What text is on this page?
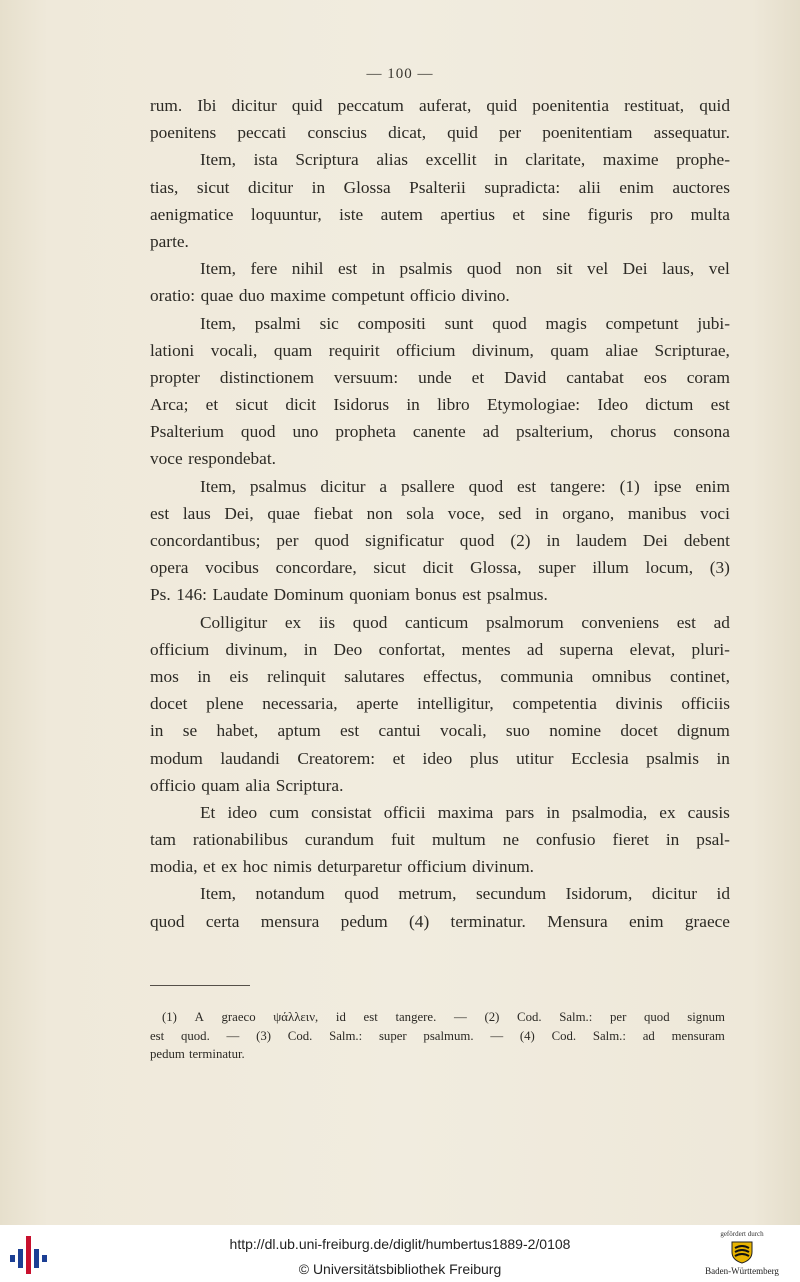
— 100 —
rum. Ibi dicitur quid peccatum auferat, quid poenitentia restituat, quid
poenitens peccati conscius dicat, quid per poenitentiam assequatur.
Item, ista Scriptura alias excellit in claritate, maxime prophe-
tias, sicut dicitur in Glossa Psalterii supradicta: alii enim auctores
aenigmatice loquuntur, iste autem apertius et sine figuris pro multa
parte.
Item, fere nihil est in psalmis quod non sit vel Dei laus, vel
oratio: quae duo maxime competunt officio divino.
Item, psalmi sic compositi sunt quod magis competunt jubi-
lationi vocali, quam requirit officium divinum, quam aliae Scripturae,
propter distinctionem versuum: unde et David cantabat eos coram
Arca; et sicut dicit Isidorus in libro Etymologiae: Ideo dictum est
Psalterium quod uno propheta canente ad psalterium, chorus consona
voce respondebat.
Item, psalmus dicitur a psallere quod est tangere: (1) ipse enim
est laus Dei, quae fiebat non sola voce, sed in organo, manibus voci
concordantibus; per quod significatur quod (2) in laudem Dei debent
opera vocibus concordare, sicut dicit Glossa, super illum locum, (3)
Ps. 146: Laudate Dominum quoniam bonus est psalmus.
Colligitur ex iis quod canticum psalmorum conveniens est ad
officium divinum, in Deo confortat, mentes ad superna elevat, pluri-
mos in eis relinquit salutares effectus, communia omnibus continet,
docet plene necessaria, aperte intelligitur, competentia divinis officiis
in se habet, aptum est cantui vocali, suo nomine docet dignum
modum laudandi Creatorem: et ideo plus utitur Ecclesia psalmis in
officio quam alia Scriptura.
Et ideo cum consistat officii maxima pars in psalmodia, ex causis
tam rationabilibus curandum fuit multum ne confusio fieret in psal-
modia, et ex hoc nimis deturparetur officium divinum.
Item, notandum quod metrum, secundum Isidorum, dicitur id
quod certa mensura pedum (4) terminatur. Mensura enim graece
(1) A graeco ψάλλειν, id est tangere. — (2) Cod. Salm.: per quod signum
est quod. — (3) Cod. Salm.: super psalmum. — (4) Cod. Salm.: ad mensuram
pedum terminatur.
http://dl.ub.uni-freiburg.de/diglit/humbertus1889-2/0108
© Universitätsbibliothek Freiburg
gefördert durch
Baden-Württemberg
